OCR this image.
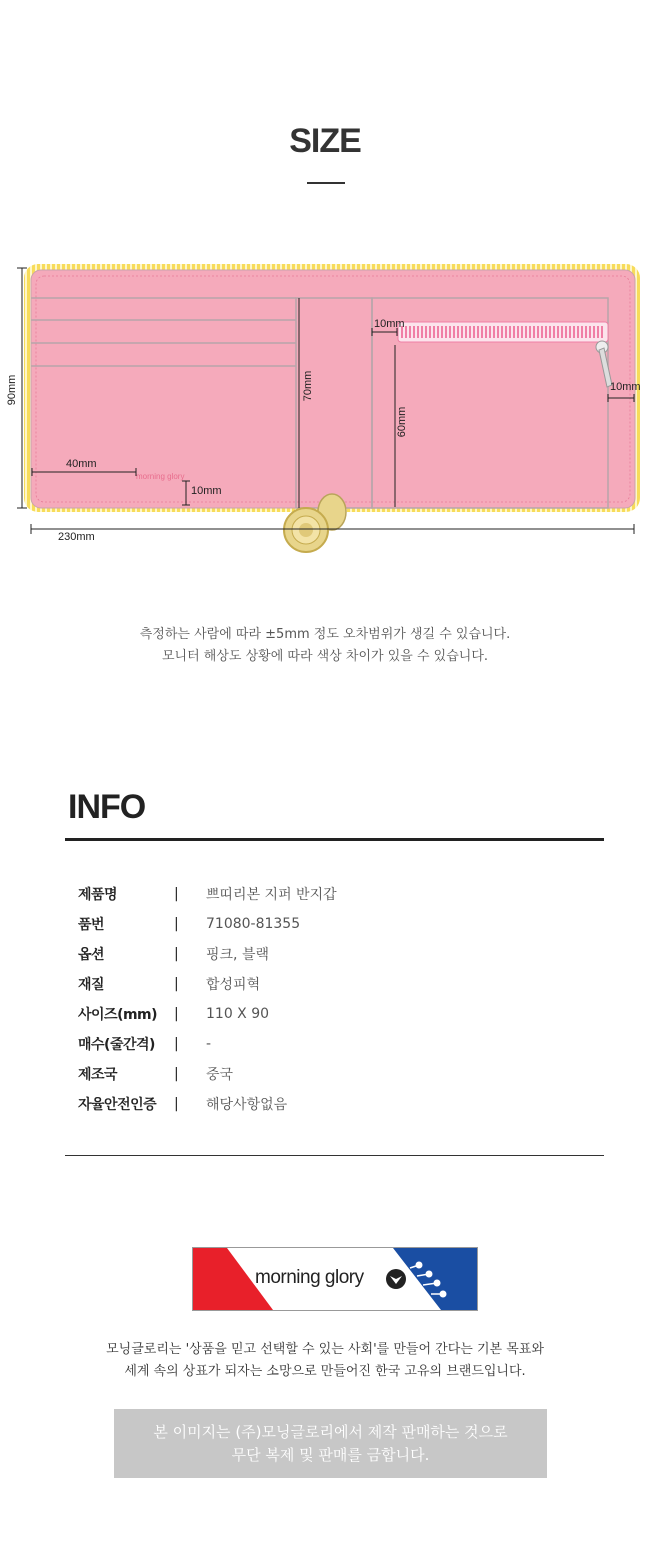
SIZE
morning glory
90mm
230mm
40mm
10mm
70mm
10mm
60mm
10mm
측정하는 사람에 따라 ±5mm 정도 오차범위가 생길 수 있습니다.
모니터 해상도 상황에 따라 색상 차이가 있을 수 있습니다.
INFO
제품명	|	쁘띠리본 지퍼 반지갑
품번	|	71080-81355
옵션	|	핑크, 블랙
재질	|	합성피혁
사이즈(mm)	|	110 X 90
매수(줄간격)	|	-
제조국	|	중국
자율안전인증	|	해당사항없음
morning glory
모닝글로리는 '상품을 믿고 선택할 수 있는 사회'를 만들어 간다는 기본 목표와
세계 속의 상표가 되자는 소망으로 만들어진 한국 고유의 브랜드입니다.
본 이미지는 (주)모닝글로리에서 제작 판매하는 것으로
무단 복제 및 판매를 금합니다.
